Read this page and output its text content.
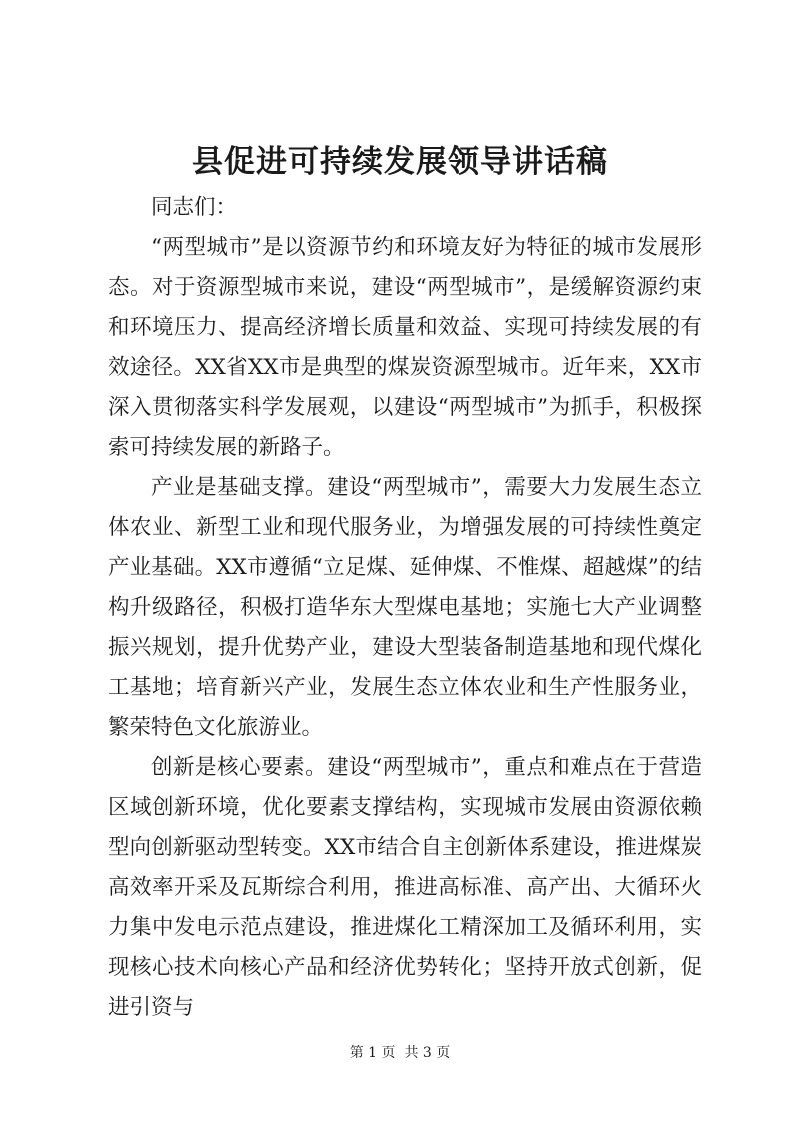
县促进可持续发展领导讲话稿

同志们：

“两型城市”是以资源节约和环境友好为特征的城市发展形态。对于资源型城市来说，建设“两型城市”，是缓解资源约束和环境压力、提高经济增长质量和效益、实现可持续发展的有效途径。XX省XX市是典型的煤炭资源型城市。近年来，XX市深入贯彻落实科学发展观，以建设“两型城市”为抓手，积极探索可持续发展的新路子。

产业是基础支撑。建设“两型城市”，需要大力发展生态立体农业、新型工业和现代服务业，为增强发展的可持续性奠定产业基础。XX市遵循“立足煤、延伸煤、不惟煤、超越煤”的结构升级路径，积极打造华东大型煤电基地；实施七大产业调整振兴规划，提升优势产业，建设大型装备制造基地和现代煤化工基地；培育新兴产业，发展生态立体农业和生产性服务业，繁荣特色文化旅游业。

创新是核心要素。建设“两型城市”，重点和难点在于营造区域创新环境，优化要素支撑结构，实现城市发展由资源依赖型向创新驱动型转变。XX市结合自主创新体系建设，推进煤炭高效率开采及瓦斯综合利用，推进高标准、高产出、大循环火力集中发电示范点建设，推进煤化工精深加工及循环利用，实现核心技术向核心产品和经济优势转化；坚持开放式创新，促进引资与

第 1 页  共 3 页
